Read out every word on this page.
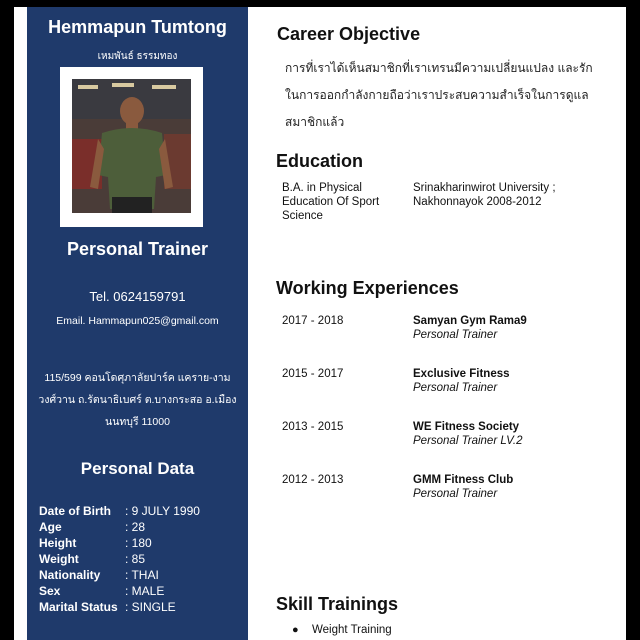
Hemmapun Tumtong
เหมพันธ์ ธรรมทอง
Personal Trainer
Tel. 0624159791
Email. Hammapun025@gmail.com
115/599 คอนโดศุภาลัยปาร์ค แคราย-งาม
วงศ์วาน ถ.รัตนาธิเบศร์ ต.บางกระสอ อ.เมือง
นนทบุรี 11000
Personal Data
Date of Birth : 9 JULY 1990
Age	: 28
Height	: 180
Weight	: 85
Nationality : THAI
Sex	: MALE
Marital Status : SINGLE
Career Objective
การที่เราได้เห็นสมาชิกที่เราเทรนมีความเปลี่ยนแปลง และรักในการออกกำลังกายถือว่าเราประสบความสำเร็จในการดูแลสมาชิกแล้ว
Education
B.A. in Physical Education Of Sport Science
Srinakharinwirot University ; Nakhonnayok 2008-2012
Working Experiences
2017 - 2018	Samyan Gym Rama9
Personal Trainer
2015 - 2017	Exclusive Fitness
Personal Trainer
2013 - 2015	WE Fitness Society
Personal Trainer LV.2
2012 - 2013	GMM Fitness Club
Personal Trainer
Skill Trainings
● Weight Training
